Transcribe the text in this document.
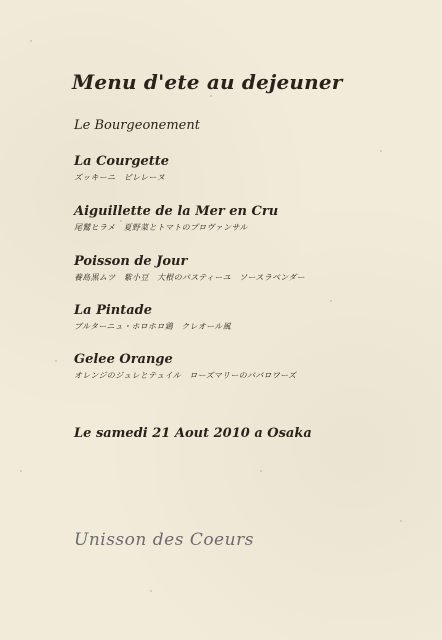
Menu d'ete au dejeuner
Le Bourgeonement
La Courgette
ズッキーニ　ピレレーヌ
Aiguillette de la Mer en Cru
尾鷲ヒラメ　夏野菜とトマトのプロヴァンサル
Poisson de Jour
養島黒ムツ　紫小豆　大根のパスティーユ　ソースラベンダー
La Pintade
ブルターニュ・ホロホロ鶏　クレオール風
Gelee Orange
オレンジのジュレとテュイル　ローズマリーのババロワーズ
Le samedi 21 Aout 2010 a Osaka
Unisson des Coeurs
